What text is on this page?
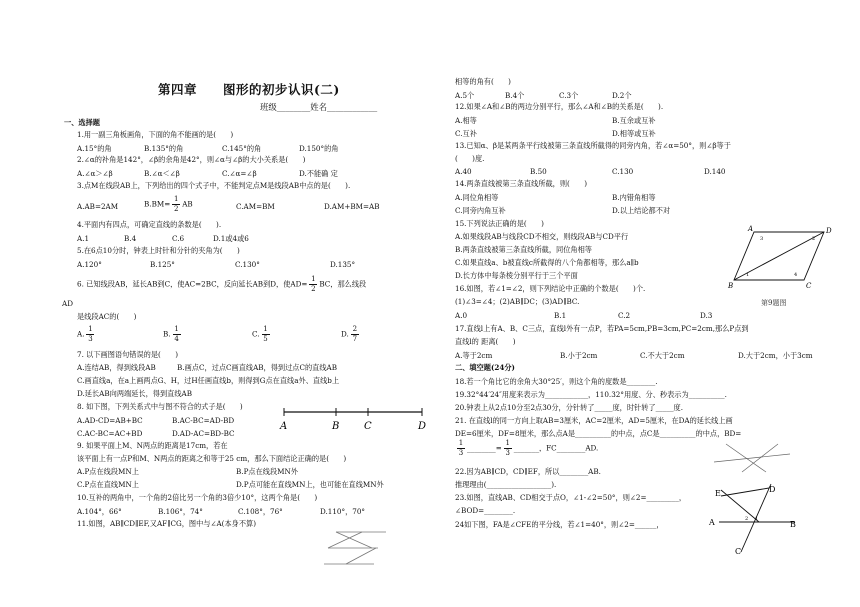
第四章　　图形的初步认识(二)
班级________姓名____________
一、选择题
1.用一副三角板画角，下面的角不能画的是(　　)
A.15°的角	B.135°的角	C.145°的角	D.150°的角
2.∠α的补角是142°，∠β的余角是42°，则∠α与∠β的大小关系是(　　)
A.∠α＞∠β	B.∠α＜∠β	C.∠α=∠β	D.不能确 定
3.点M在线段AB上，下列给出的四个式子中，不能判定点M是线段AB中点的是(　　).
A.AB=2AM	$B.BM= \frac{1}{2}$ AB	C.AM=BM	D.AM+BM=AB
4.平面内有四点，可确定直线的条数是(　　).
A.1	B.4	C.6	D.1或4或6
5.在6点10分时，钟表上时针和分针的夹角为(　　)
A.120°	B.125°	C.130°	D.135°
6. 已知线段AB，延长AB到C，使AC=2BC，反向延长AB到D，使$AD= \frac{1}{2}$ BC，那么线段
AD
是线段AC的(　　)
A. $\frac{1}{3}$	B. $\frac{1}{4}$	C. $\frac{1}{5}$	D. $\frac{2}{7}$
7. 以下画图语句错误的是(　　)
A.连结AB，得到线段AB	B.画点C，过点C画直线AB，得到过点C的直线AB
C.画直线a，在a上画两点G、H，过H任画直线b，则得到G点在直线a外、直线b上
D.延长AB向两端延长，得到直线AB
8. 如下图，下列关系式中与图不符合的式子是(　　)
A.AD-CD=AB+BC	B.AC-BC=AD-BD
C.AC-BC=AC+BD	D.AD-AC=BD-BC
A	B C	D
9. 如果平面上M、N两点的距离是17cm，若在
该平面上有一点P和M、N两点的距离之和等于25 cm，那么下面结论正确的是(　　)
A.P点在线段MN上	B.P点在线段MN外
C.P点在直线MN上	D.P点可能在直线MN上，也可能在直线MN外
10.互补的两角中，一个角的2倍比另一个角的3倍少10°，这两个角是(　　)
A.104°，66°	B.106°，74°	C.108°，76°	D.110°，70°
11.如图，AB∥CD∥EF,又AF∥CG，图中与∠A(本身不算)
相等的角有(　　)
A.5个	B.4个	C.3个	D.2个
12.如果∠A和∠B的两边分别平行，那么∠A和∠B的关系是(　　).
A.相等	B.互余或互补
C.互补	D.相等或互补
13.已知α、β是某两条平行线被第三条直线所截得的同旁内角，若∠α=50°，则∠β等于
(　　)度.
A.40	B.50	C.130	D.140
14.两条直线被第三条直线所截，则(　　)
A.同位角相等	B.内错角相等
C.同旁内角互补	D.以上结论都不对
15.下列说法正确的是(　　)
A.如果线段AB与线段CD不相交，则线段AB与CD平行
B.两条直线被第三条直线所截，同位角相等
C.如果直线a、b被直线c所截得的八个角都相等，那么a∥b
D.长方体中每条棱分别平行于三个平面
16.如图，若∠1=∠2，则下列结论中正确的个数是(　　)个.
(1)∠3=∠4；(2)AB∥DC；(3)AD∥BC.
A.0	B.1	C.2	D.3
A
B	C
D
1
2
3
4
第9题图
17.直线l上有A、B、C三点，直线l外有一点P，若PA=5cm,PB=3cm,PC=2cm,那么P点到
直线l的 距离(　　)
A.等于2cm	B.小于2cm	C.不大于2cm	D.大于2cm，小于3cm
二、填空题(24分)
18.若一个角比它的余角大30°25′，则这个角的度数是________.
19.32°44′24″用度来表示为____________，110.32°用度、分、秒表示为__________.
20.钟表上从2点10分至2点30分，分针转了_____度，时针转了_____度.
21. 在直线l的同一方向上取AB=3厘米，AC=2厘米，AD=5厘米，在DA的延长线上画
DE=6厘米，DF=8厘米，那么点A是__________的中点，点C是__________的中点，BD=
$\frac{1}{3}$ ________= $\frac{1}{3}$ _______，FC________AD.
22.因为AB∥CD，CD∥EF，所以________AB.
推理理由(__________________).
23.如图，直线AB、CD相交于点O，∠1-∠2=50°，则∠2=_________，
∠BOD=________.
24如下图，FA是∠CFE的平分线，若∠1=40°，则∠2=______，
E	D
A	B
C
1
2
